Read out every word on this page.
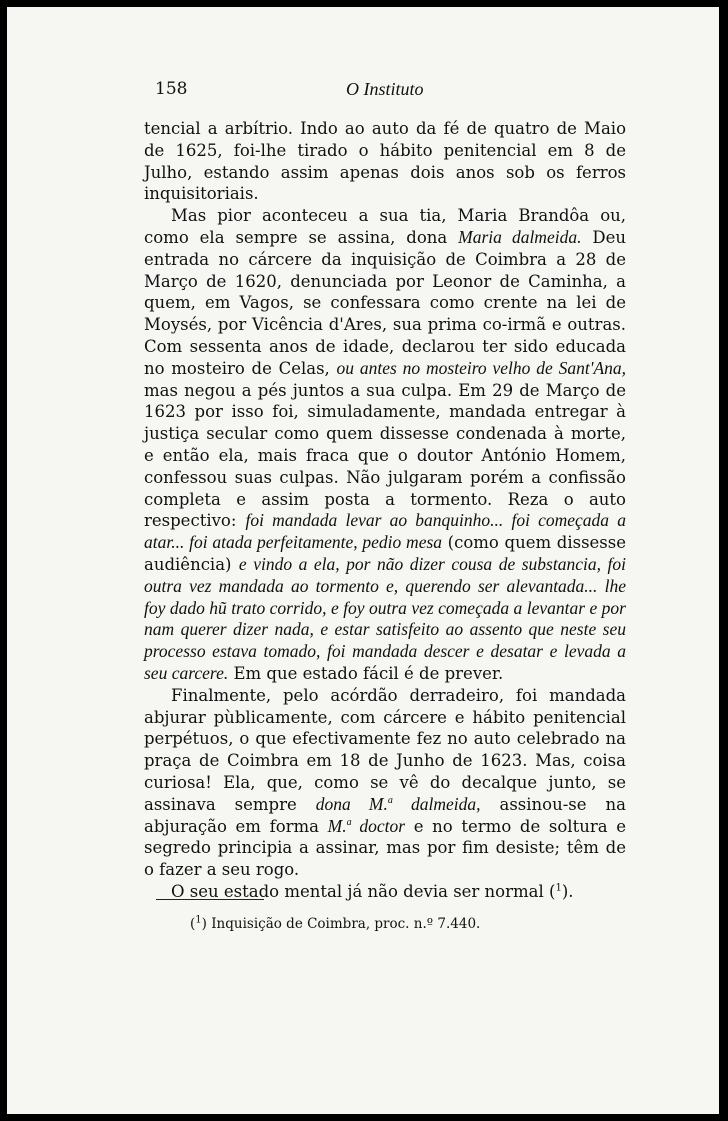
158	O Instituto

tencial a arbítrio. Indo ao auto da fé de quatro de Maio de 1625, foi-lhe tirado o hábito penitencial em 8 de Julho, estando assim apenas dois anos sob os ferros inquisitoriais.

Mas pior aconteceu a sua tia, Maria Brandôa ou, como ela sempre se assina, dona Maria dalmeida. Deu entrada no cárcere da inquisição de Coimbra a 28 de Março de 1620, denunciada por Leonor de Caminha, a quem, em Vagos, se confessara como crente na lei de Moysés, por Vicência d'Ares, sua prima co-irmã e outras. Com sessenta anos de idade, declarou ter sido educada no mosteiro de Celas, ou antes no mosteiro velho de Sant'Ana, mas negou a pés juntos a sua culpa. Em 29 de Março de 1623 por isso foi, simuladamente, mandada entregar à justiça secular como quem dissesse condenada à morte, e então ela, mais fraca que o doutor António Homem, confessou suas culpas. Não julgaram porém a confissão completa e assim posta a tormento. Reza o auto respectivo: foi mandada levar ao banquinho... foi começada a atar... foi atada perfeitamente, pedio mesa (como quem dissesse audiência) e vindo a ela, por não dizer cousa de substancia, foi outra vez mandada ao tormento e, querendo ser alevantada... lhe foy dado hũ trato corrido, e foy outra vez começada a levantar e por nam querer dizer nada, e estar satisfeito ao assento que neste seu processo estava tomado, foi mandada descer e desatar e levada a seu carcere. Em que estado fácil é de prever.

Finalmente, pelo acórdão derradeiro, foi mandada abjurar pùblicamente, com cárcere e hábito penitencial perpétuos, o que efectivamente fez no auto celebrado na praça de Coimbra em 18 de Junho de 1623. Mas, coisa curiosa! Ela, que, como se vê do decalque junto, se assinava sempre dona M.$^a$ dalmeida, assinou-se na abjuração em forma M.$^a$ doctor e no termo de soltura e segredo principia a assinar, mas por fim desiste; têm de o fazer a seu rogo.

O seu estado mental já não devia ser normal ($^1$).

($^1$) Inquisição de Coimbra, proc. n.º 7.440.
